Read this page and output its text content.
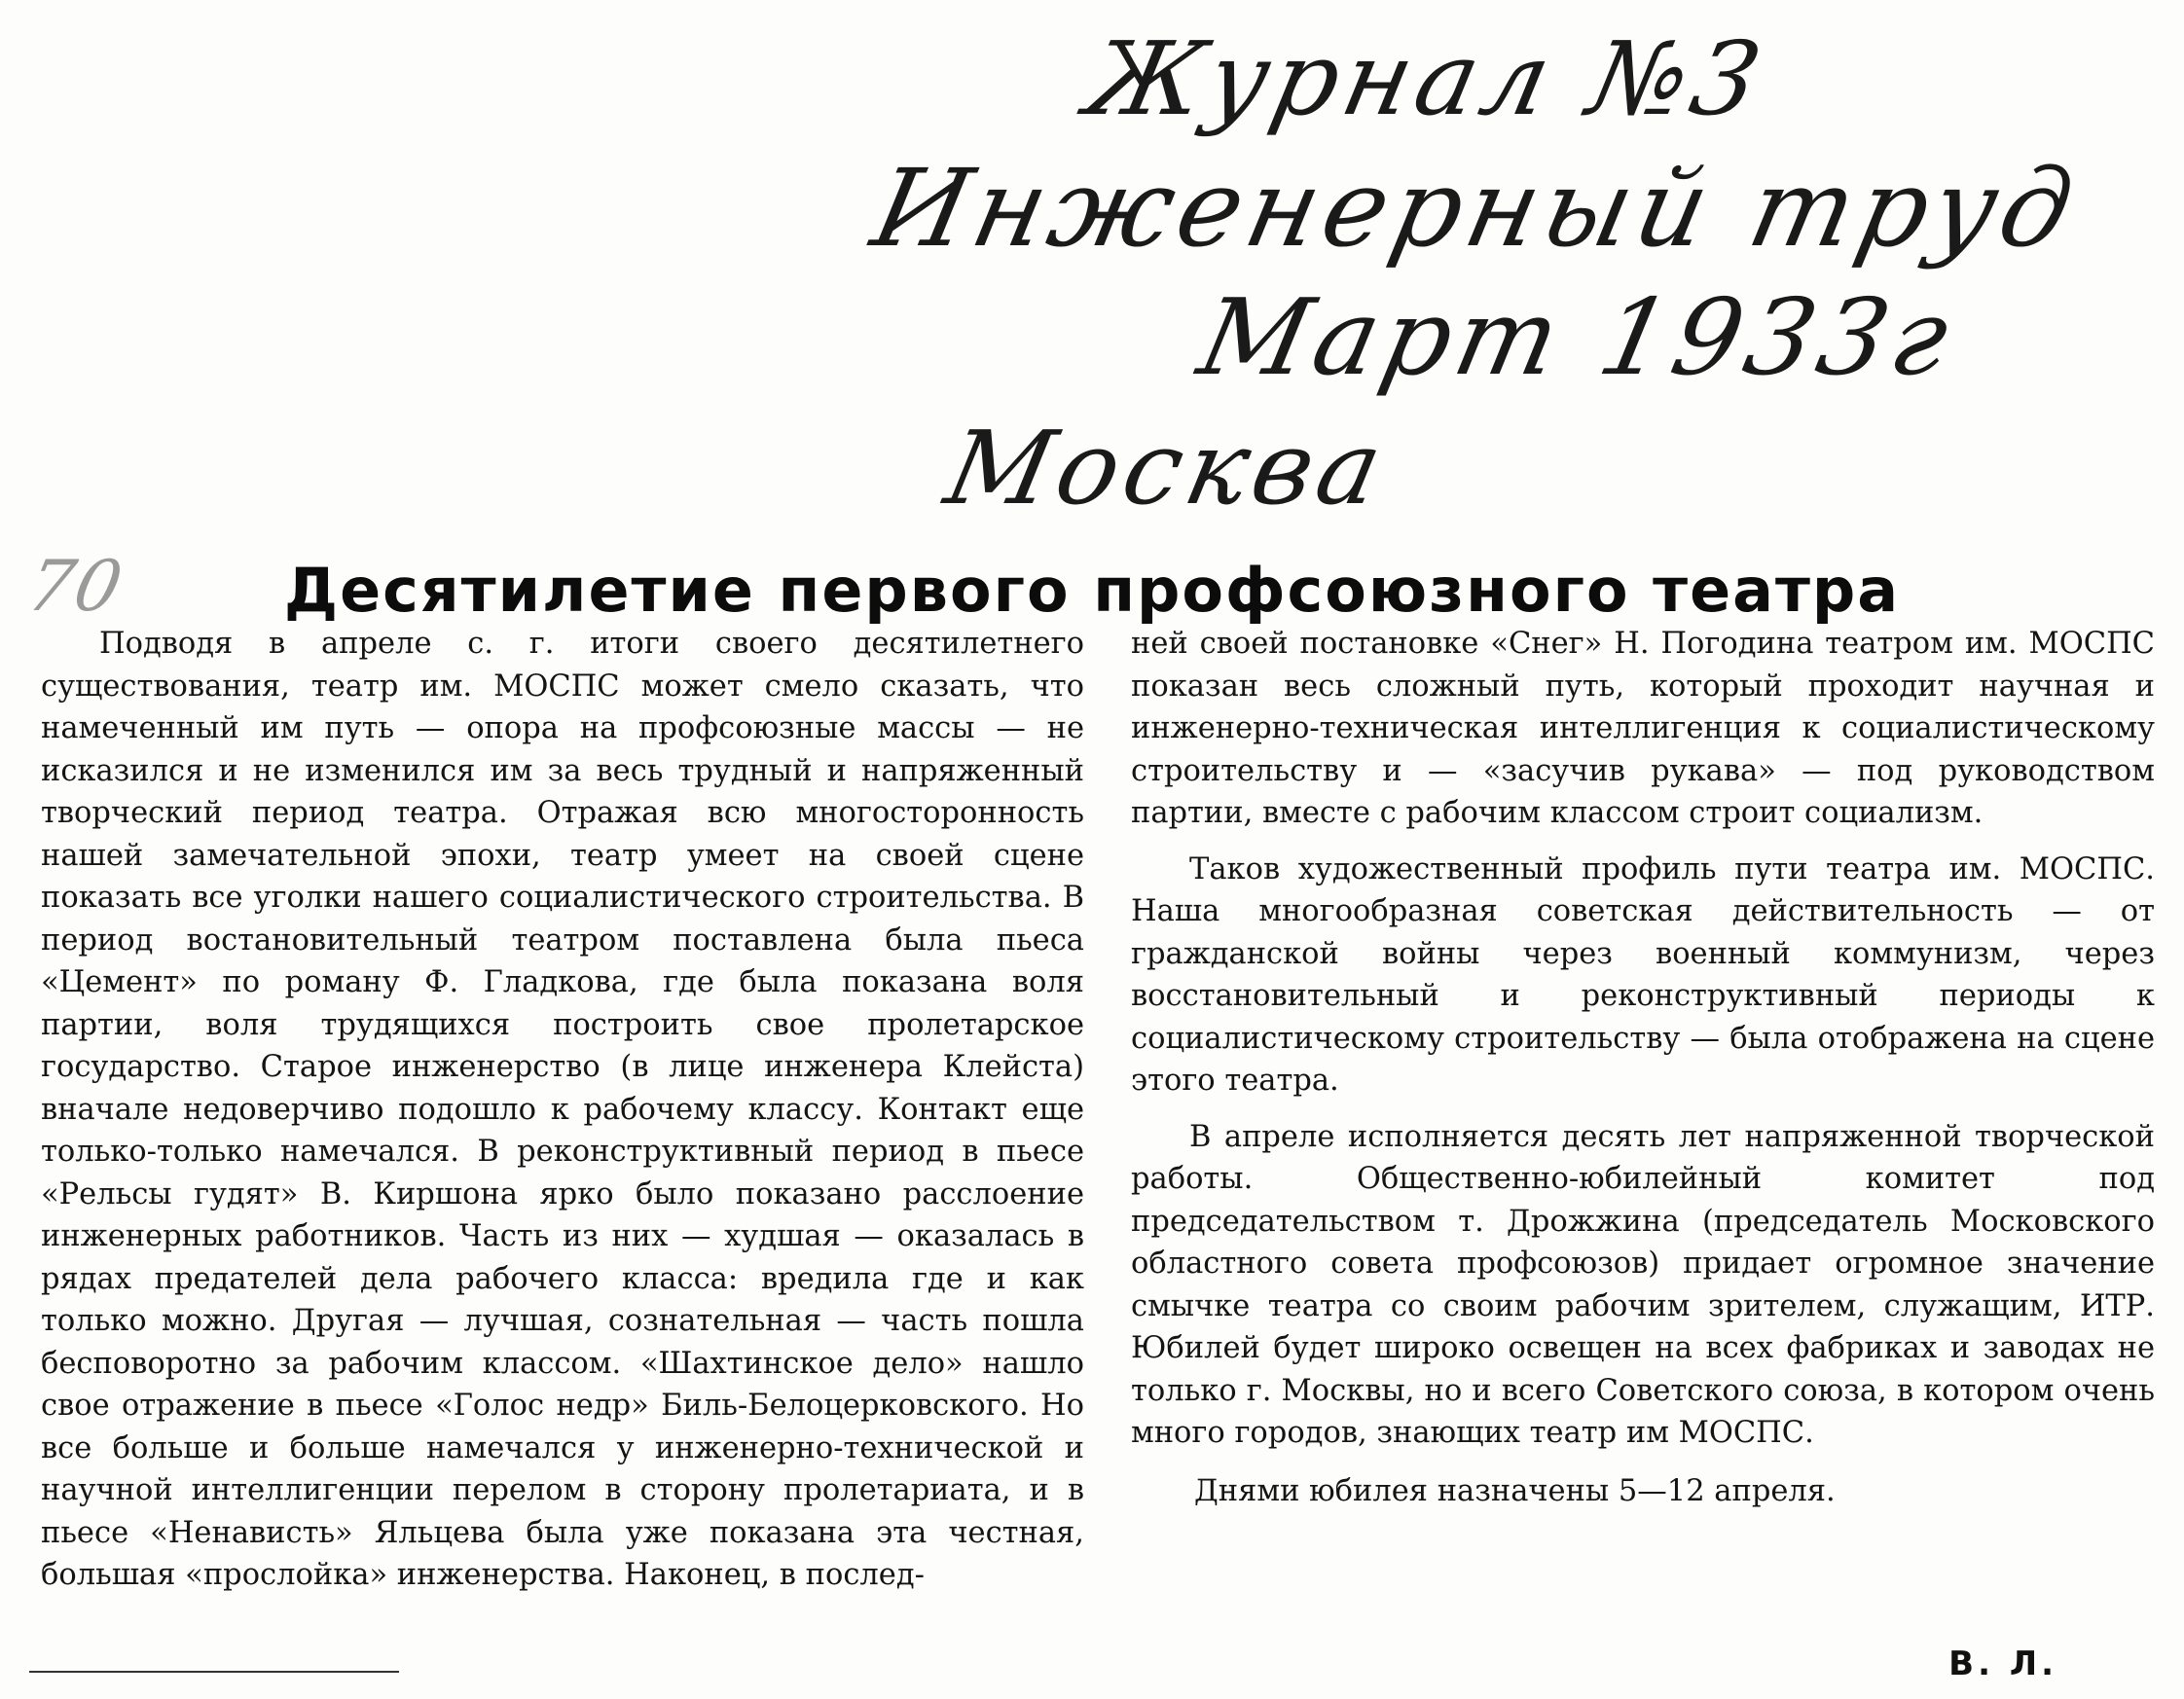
Журнал №3
Инженерный труд
Март 1933г
Москва
70	Десятилетие первого профсоюзного театра

Подводя в апреле с. г. итоги своего десятилетнего существования, театр им. МОСПС может смело сказать, что намеченный им путь — опора на профсоюзные массы — не исказился и не изменился им за весь трудный и напряженный творческий период театра. Отражая всю многосторонность нашей замечательной эпохи, театр умеет на своей сцене показать все уголки нашего социалистического строительства. В период востановительный театром поставлена была пьеса «Цемент» по роману Ф. Гладкова, где была показана воля партии, воля трудящихся построить свое пролетарское государство. Старое инженерство (в лице инженера Клейста) вначале недоверчиво подошло к рабочему классу. Контакт еще только-только намечался. В реконструктивный период в пьесе «Рельсы гудят» В. Киршона ярко было показано расслоение инженерных работников. Часть из них — худшая — оказалась в рядах предателей дела рабочего класса: вредила где и как только можно. Другая — лучшая, сознательная — часть пошла бесповоротно за рабочим классом. «Шахтинское дело» нашло свое отражение в пьесе «Голос недр» Биль-Белоцерковского. Но все больше и больше намечался у инженерно-технической и научной интеллигенции перелом в сторону пролетариата, и в пьесе «Ненависть» Яльцева была уже показана эта честная, большая «прослойка» инженерства. Наконец, в послед-

ней своей постановке «Снег» Н. Погодина театром им. МОСПС показан весь сложный путь, который проходит научная и инженерно-техническая интеллигенция к социалистическому строительству и — «засучив рукава» — под руководством партии, вместе с рабочим классом строит социализм.

Таков художественный профиль пути театра им. МОСПС. Наша многообразная советская действительность — от гражданской войны через военный коммунизм, через восстановительный и реконструктивный периоды к социалистическому строительству — была отображена на сцене этого театра.

В апреле исполняется десять лет напряженной творческой работы. Общественно-юбилейный комитет под председательством т. Дрожжина (председатель Московского областного совета профсоюзов) придает огромное значение смычке театра со своим рабочим зрителем, служащим, ИТР. Юбилей будет широко освещен на всех фабриках и заводах не только г. Москвы, но и всего Советского союза, в котором очень много городов, знающих театр им МОСПС.

Днями юбилея назначены 5—12 апреля.

В. Л.
